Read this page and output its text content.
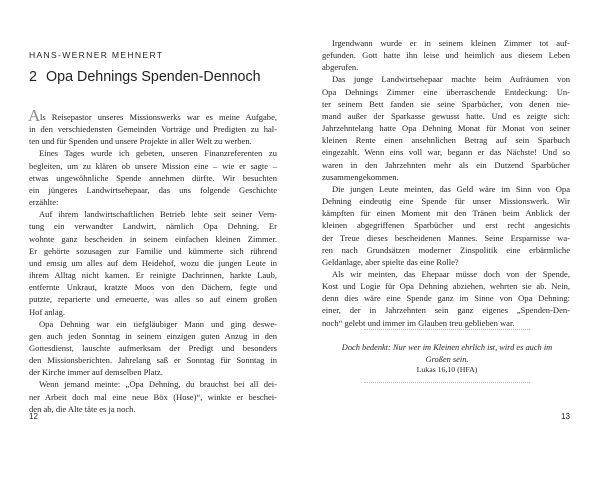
HANS-WERNER MEHNERT
2 Opa Dehnings Spenden-Dennoch
A ls Reisepastor unseres Missionswerks war es meine Aufgabe,
in den verschiedensten Gemeinden Vorträge und Predigten zu hal-
ten und für Spenden und unsere Projekte in aller Welt zu werben.
Eines Tages wurde ich gebeten, unseren Finanzreferenten zu
begleiten, um zu klären ob unsere Mission eine – wie er sagte –
etwas ungewöhnliche Spende annehmen dürfte. Wir besuchten
ein jüngeres Landwirtsehepaar, das uns folgende Geschichte
erzählte:
Auf ihrem landwirtschaftlichen Betrieb lebte seit seiner Vern-
tung ein verwandter Landwirt, nämlich Opa Dehning. Er
wohnte ganz bescheiden in seinem einfachen kleinen Zimmer.
Er gehörte sozusagen zur Familie und kümmerte sich rührend
und emsig um alles auf dem Heidehof, wozu die jungen Leute in
ihrem Alltag nicht kamen. Er reinigte Dachrinnen, harkte Laub,
entfernte Unkraut, kratzte Moos von den Dächern, fegte und
putzte, reparierte und erneuerte, was alles so auf einem großen
Hof anlag.
Opa Dehning war ein tiefgläubiger Mann und ging deswe-
gen auch jeden Sonntag in seinem einzigen guten Anzug in den
Gottesdienst, lauschte aufmerksam der Predigt und besonders
den Missionsberichten. Jahrelang saß er Sonntag für Sonntag in
der Kirche immer auf demselben Platz.
Wenn jemand meinte: „Opa Dehning, du brauchst bei all dei-
ner Arbeit doch mal eine neue Böx (Hose)“, winkte er beschei-
den ab, die Alte täte es ja noch.
12
Irgendwann wurde er in seinem kleinen Zimmer tot auf-
gefunden. Gott hatte ihn leise und heimlich aus diesem Leben
abgerufen.
Das junge Landwirtsehepaar machte beim Aufräumen von
Opa Dehnings Zimmer eine überraschende Entdeckung: Un-
ter seinem Bett fanden sie seine Sparbücher, von denen nie-
mand außer der Sparkasse gewusst hatte. Und es zeigte sich:
Jahrzehntelang hatte Opa Dehning Monat für Monat von seiner
kleinen Rente einen ansehnlichen Betrag auf sein Sparbuch
eingezahlt. Wenn eins voll war, begann er das Nächste! Und so
waren in den Jahrzehnten mehr als ein Dutzend Sparbücher
zusammengekommen.
Die jungen Leute meinten, das Geld wäre im Sinn von Opa
Dehning eindeutig eine Spende für unser Missionswerk. Wir
kämpften für einen Moment mit den Tränen beim Anblick der
kleinen abgegriffenen Sparbücher und erst recht angesichts
der Treue dieses bescheidenen Mannes. Seine Ersparnisse wa-
ren nach Grundsätzen moderner Zinspolitik eine erbärmliche
Geldanlage, aber spielte das eine Rolle?
Als wir meinten, das Ehepaar müsse doch von der Spende,
Kost und Logie für Opa Dehning abziehen, wehrten sie ab. Nein,
denn dies wäre eine Spende ganz im Sinne von Opa Dehning:
einer, der in Jahrzehnten sein ganz eigenes „Spenden-Den-
noch“ gelebt und immer im Glauben treu geblieben war.
Doch bedenkt: Nur wer im Kleinen ehrlich ist, wird es auch im Großen sein.
Lukas 16,10 (HFA)
13
